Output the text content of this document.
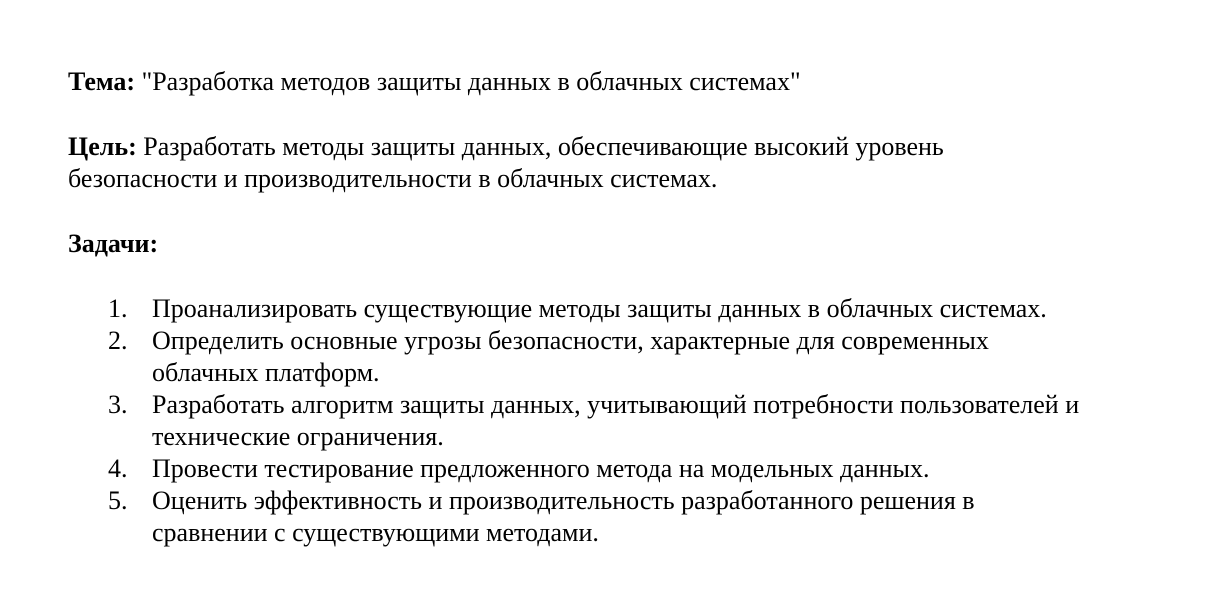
Тема: "Разработка методов защиты данных в облачных системах"

Цель: Разработать методы защиты данных, обеспечивающие высокий уровень безопасности и производительности в облачных системах.

Задачи:

1. Проанализировать существующие методы защиты данных в облачных системах.
2. Определить основные угрозы безопасности, характерные для современных облачных платформ.
3. Разработать алгоритм защиты данных, учитывающий потребности пользователей и технические ограничения.
4. Провести тестирование предложенного метода на модельных данных.
5. Оценить эффективность и производительность разработанного решения в сравнении с существующими методами.
